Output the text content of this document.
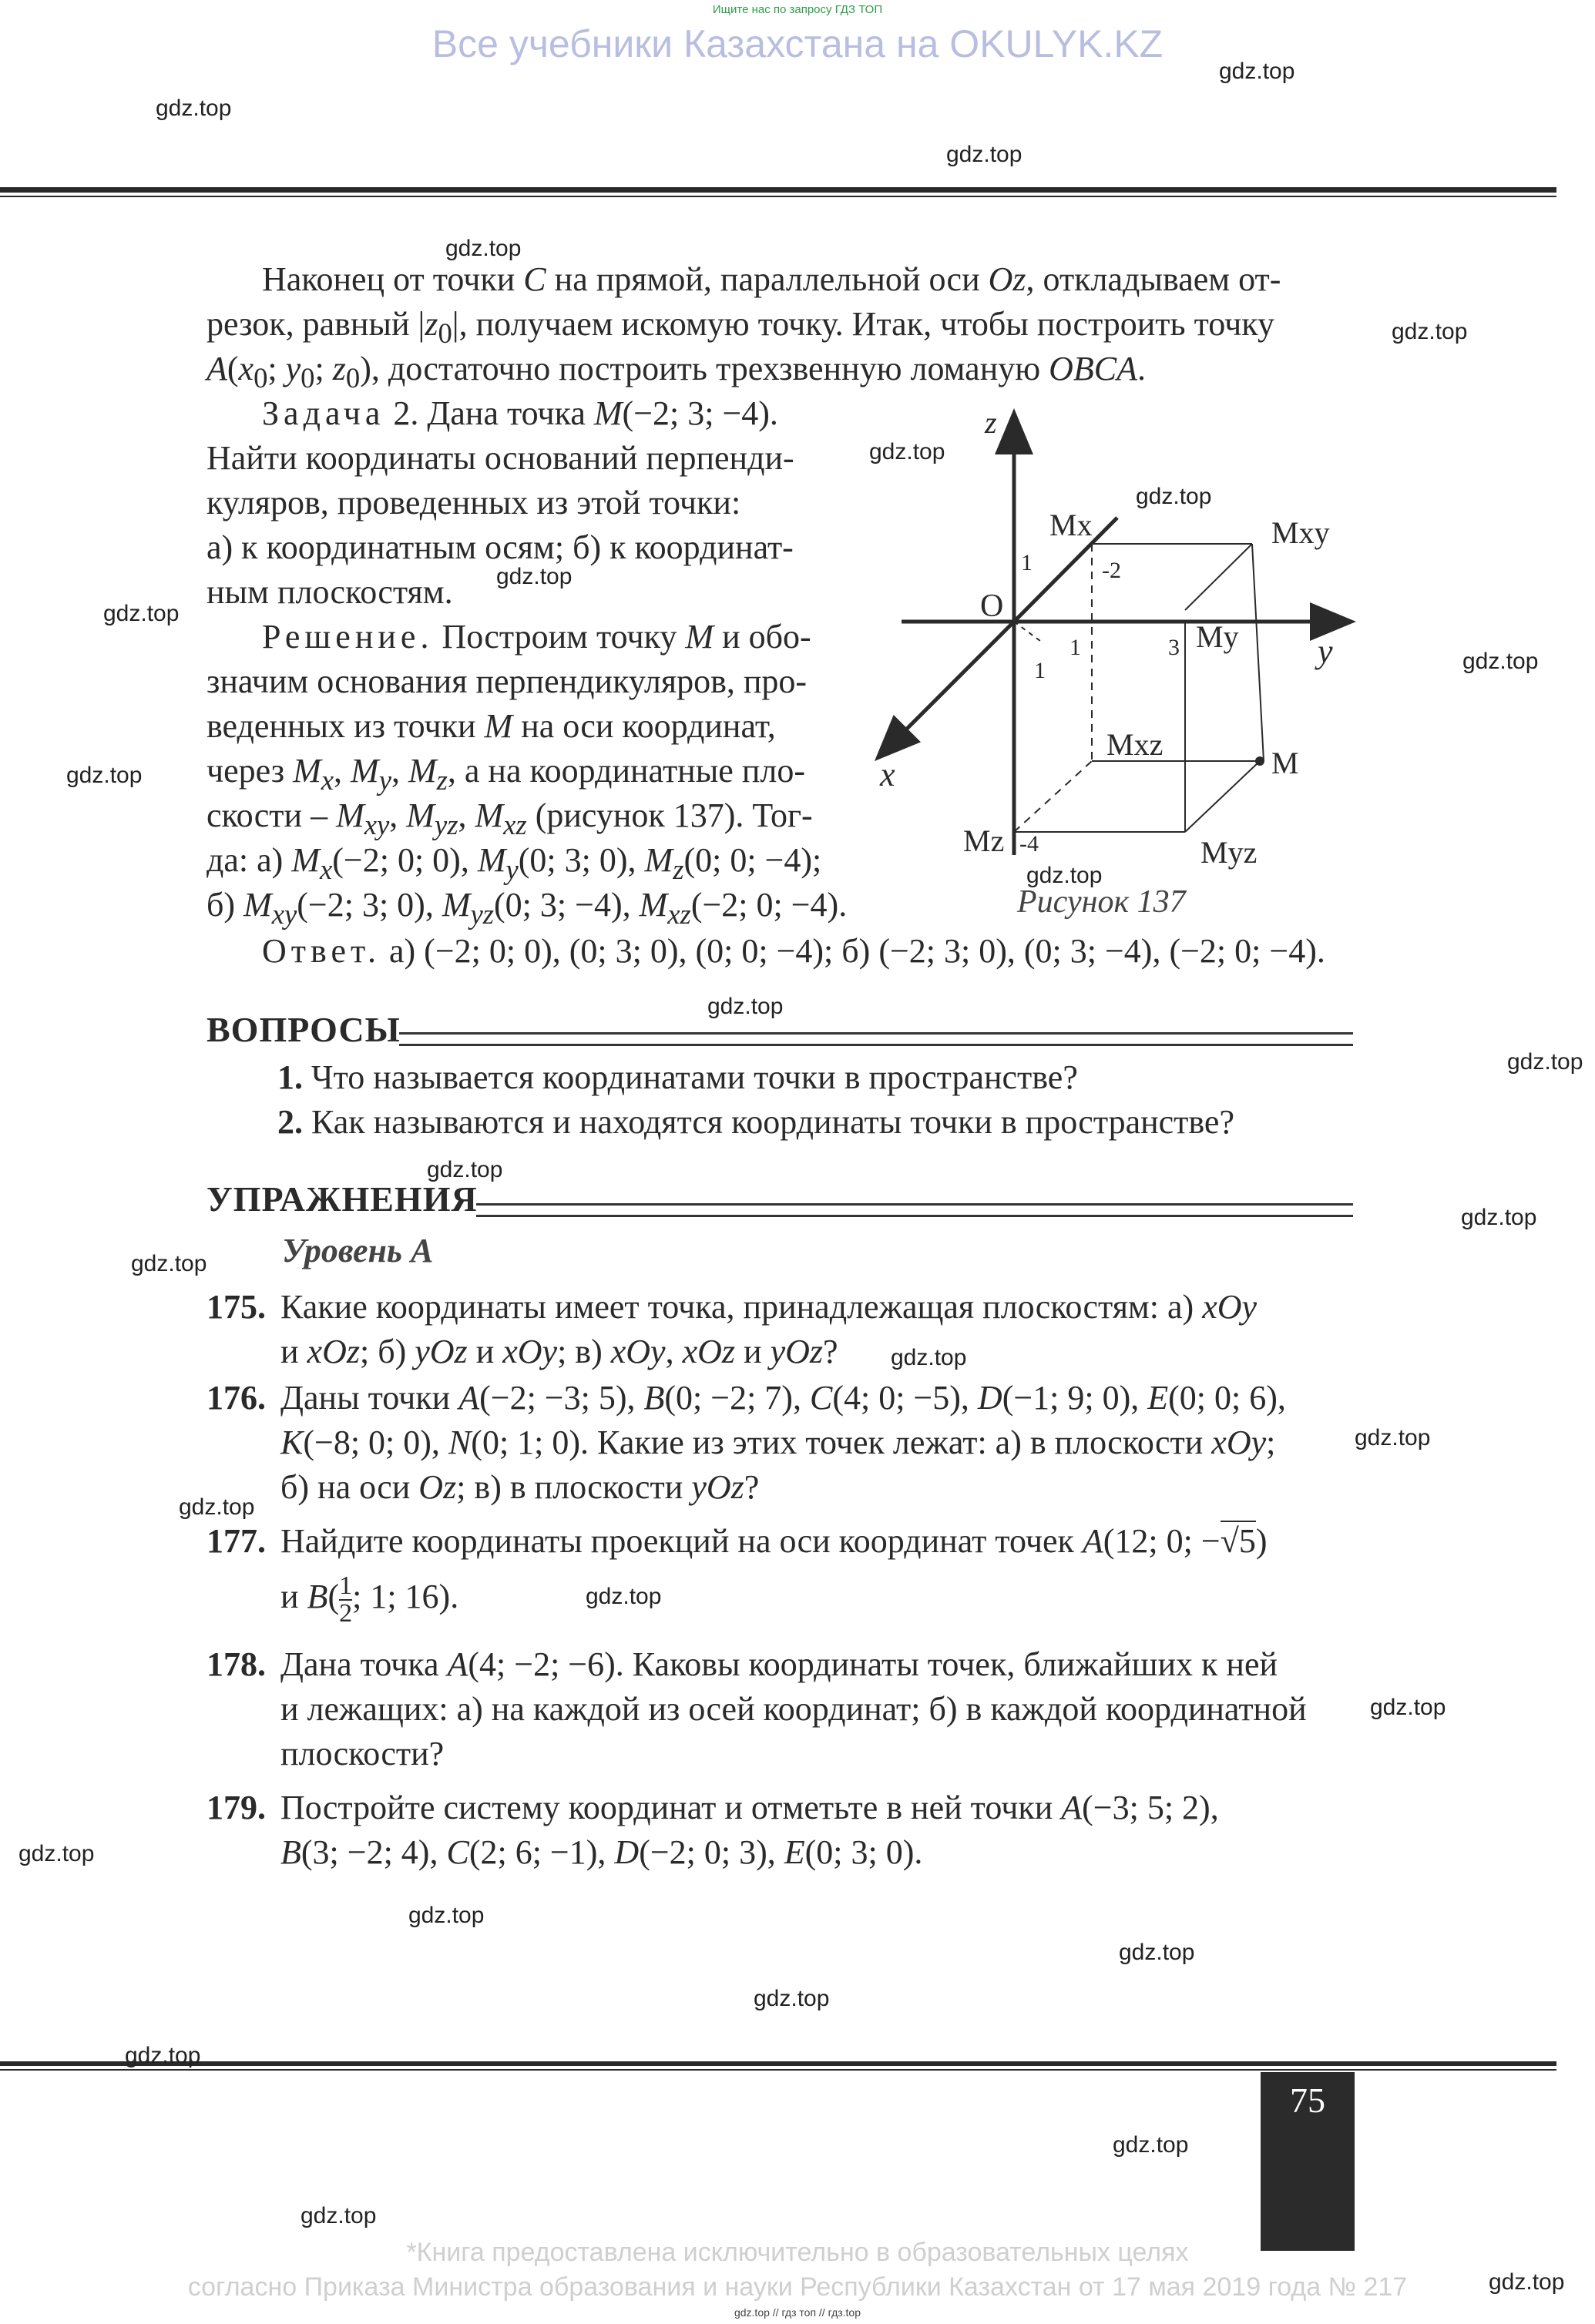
Ищите нас по запросу ГДЗ ТОП
Все учебники Казахстана на OKULYK.KZ
Наконец от точки C на прямой, параллельной оси Oz, откладываем от-
резок, равный $|z_0|$, получаем искомую точку. Итак, чтобы построить точку
$A(x_0$; $y_0$; $z_0$), достаточно построить трехзвенную ломаную OBCA.
Задача 2. Дана точка M(−2; 3; −4).
Найти координаты оснований перпенди-
куляров, проведенных из этой точки:
а) к координатным осям; б) к координат-
ным плоскостям.
Решение. Построим точку M и обо-
значим основания перпендикуляров, про-
веденных из точки M на оси координат,
через $M_x$, $M_y$, $M_z$, а на координатные пло-
скости – $M_{xy}$, $M_{yz}$, $M_{xz}$ (рисунок 137). Тог-
да: а) $M_x(-2$; 0; 0), $M_y(0$; 3; 0), $M_z(0$; 0; −4);
б) $M_{xy}(-2$; 3; 0), $M_{yz}(0$; 3; −4), $M_{xz}(-2$; 0; −4).
Ответ. а) (−2; 0; 0), (0; 3; 0), (0; 0; −4); б) (−2; 3; 0), (0; 3; −4), (−2; 0; −4).
z
y
x
O
Mx	Mxy
My
Mxz
M
Mz	Myz
1	-2
1	3
1
-4
Рисунок 137
ВОПРОСЫ
1. Что называется координатами точки в пространстве?
2. Как называются и находятся координаты точки в пространстве?
УПРАЖНЕНИЯ
Уровень А
175. Какие координаты имеет точка, принадлежащая плоскостям: а) xOy
и xOz; б) yOz и xOy; в) xOy, xOz и yOz?
176. Даны точки A(−2; −3; 5), B(0; −2; 7), C(4; 0; −5), D(−1; 9; 0), E(0; 0; 6),
K(−8; 0; 0), N(0; 1; 0). Какие из этих точек лежат: а) в плоскости xOy;
б) на оси Oz; в) в плоскости yOz?
177. Найдите координаты проекций на оси координат точек A(12; 0; −√5)
и $B( \frac{1}{2}$ ; 1; 16).
178. Дана точка A(4; −2; −6). Каковы координаты точек, ближайших к ней
и лежащих: а) на каждой из осей координат; б) в каждой координатной
плоскости?
179. Постройте систему координат и отметьте в ней точки A(−3; 5; 2),
B(3; −2; 4), C(2; 6; −1), D(−2; 0; 3), E(0; 3; 0).
75
*Книга предоставлена исключительно в образовательных целях
согласно Приказа Министра образования и науки Республики Казахстан от 17 мая 2019 года № 217
gdz.top // гдз топ // гдз.top
gdz.top
gdz.top
gdz.top
gdz.top
gdz.top
gdz.top
gdz.top
gdz.top
gdz.top
gdz.top
gdz.top
gdz.top
gdz.top
gdz.top
gdz.top
gdz.top
gdz.top
gdz.top
gdz.top
gdz.top
gdz.top
gdz.top
gdz.top
gdz.top
gdz.top
gdz.top
gdz.top
gdz.top
gdz.top
gdz.top
